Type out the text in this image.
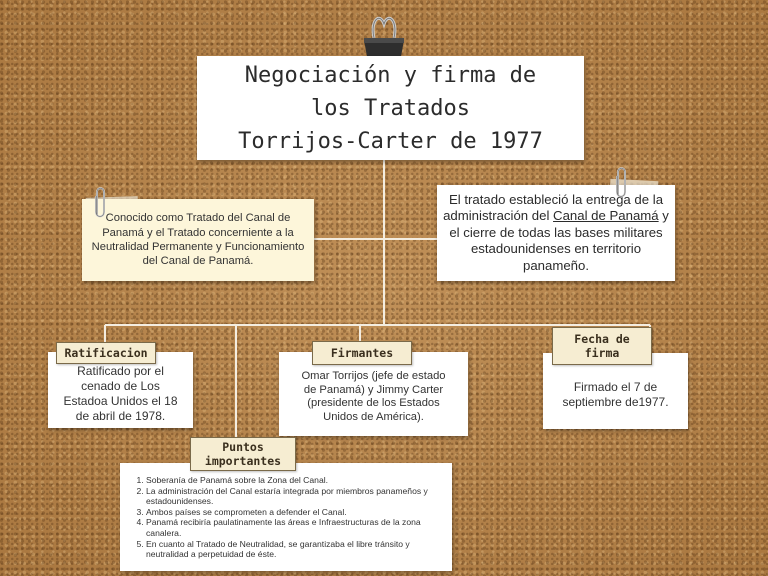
Negociación y firma de
los Tratados
Torrijos-Carter de 1977
Conocido como Tratado del Canal de Panamá y el Tratado concerniente a la Neutralidad Permanente y Funcionamiento del Canal de Panamá.
El tratado estableció la entrega de la administración del Canal de Panamá y el cierre de todas las bases militares estadounidenses en territorio panameño.
Ratificado por el cenado de Los Estadoa Unidos el 18 de abril de 1978.
Ratificacion
Omar Torrijos (jefe de estado de Panamá) y Jimmy Carter (presidente de los Estados Unidos de América).
Firmantes
Firmado el 7 de septiembre de1977.
Fecha de
firma
1. Soberanía de Panamá sobre la Zona del Canal.
2. La administración del Canal estaría integrada por miembros panameños y estadounidenses.
3. Ambos países se comprometen a defender el Canal.
4. Panamá recibiría paulatinamente las áreas e Infraestructuras de la zona canalera.
5. En cuanto al Tratado de Neutralidad, se garantizaba el libre tránsito y neutralidad a perpetuidad de éste.
Puntos
importantes
